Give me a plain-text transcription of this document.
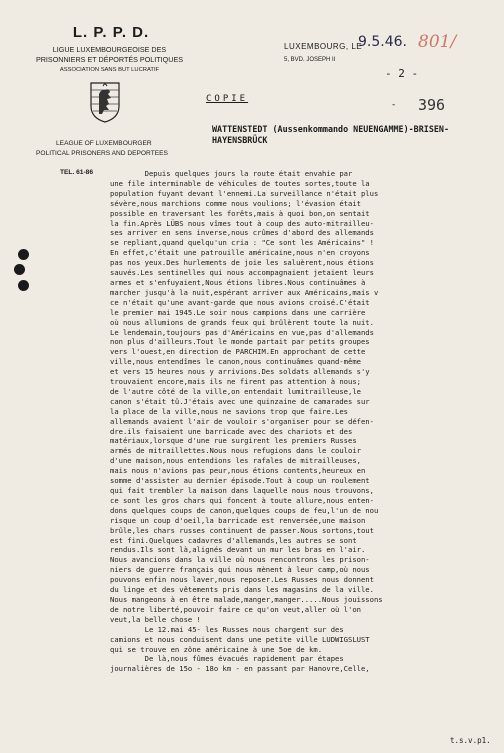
L. P. P. D.
LIGUE LUXEMBOURGEOISE DES
PRISONNIERS ET DÉPORTÉS POLITIQUES
ASSOCIATION SANS BUT LUCRATIF
LEAGUE OF LUXEMBOURGER
POLITICAL PRISONERS AND DEPORTEES
TEL. 61-86
LUXEMBOURG, LE
9.5.46. 801/
5, BVD. JOSEPH II
- 2 -
COPIE
- 396
WATTENSTEDT (Aussenkommando NEUENGAMME)-BRISEN-
HAYENSBRÜCK

Depuis quelques jours la route était envahie par

une file interminable de véhicules de toutes sortes,toute la

population fuyant devant l'ennemi.La surveillance n'était plus

sévère,nous marchions comme nous voulions; l'évasion était

possible en traversant les forêts,mais à quoi bon,on sentait

la fin.Après LÜBS nous vîmes tout à coup des auto-mitrailleu-

ses arriver en sens inverse,nous crûmes d'abord des allemands

se repliant,quand quelqu'un cria : "Ce sont les Américains" !

En effet,c'était une patrouille américaine,nous n'en croyons

pas nos yeux.Des hurlements de joie les saluèrent,nous étions

sauvés.Les sentinelles qui nous accompagnaient jetaient leurs

armes et s'enfuyaient,Nous étions libres.Nous continuâmes à

marcher jusqu'à la nuit,espérant arriver aux Américains,mais v

ce n'était qu'une avant-garde que nous avions croisé.C'était

le premier mai 1945.Le soir nous campions dans une carrière

où nous allumions de grands feux qui brûlèrent toute la nuit.

Le lendemain,toujours pas d'Américains en vue,pas d'allemands

non plus d'ailleurs.Tout le monde partait par petits groupes

vers l'ouest,en direction de PARCHIM.En approchant de cette

ville,nous entendîmes le canon,nous continuâmes quand-même

et vers 15 heures nous y arrivions.Des soldats allemands s'y

trouvaient encore,mais ils ne firent pas attention à nous;

de l'autre côté de la ville,on entendait lumitrailleuse,le

canon s'était tû.J'étais avec une quinzaine de camarades sur

la place de la ville,nous ne savions trop que faire.Les

allemands avaient l'air de vouloir s'organiser pour se défen-

dre.ils faisaient une barricade avec des chariots et des

matériaux,lorsque d'une rue surgirent les premiers Russes

armés de mitraillettes.Nous nous refugions dans le couloir

d'une maison,nous entendions les rafales de mitrailleuses,

mais nous n'avions pas peur,nous étions contents,heureux en

somme d'assister au dernier épisode.Tout à coup un roulement

qui fait trembler la maison dans laquelle nous nous trouvons,

ce sont les gros chars qui foncent à toute allure,nous enten-

dons quelques coups de canon,quelques coups de feu,l'un de nou

risque un coup d'oeil,la barricade est renversée,une maison

brûle,les chars russes continuent de passer.Nous sortons,tout

est fini.Quelques cadavres d'allemands,les autres se sont

rendus.Ils sont là,alignés devant un mur les bras en l'air.

Nous avancions dans la ville où nous rencontrons les prison-

niers de guerre français qui nous mènent à leur camp,où nous

pouvons enfin nous laver,nous reposer.Les Russes nous donnent

du linge et des vêtements pris dans les magasins de la ville.

Nous mangeons à en être malade,manger,manger.....Nous jouissons

de notre liberté,pouvoir faire ce qu'on veut,aller où l'on

veut,la belle chose !

Le 12.mai 45- les Russes nous chargent sur des

camions et nous conduisent dans une petite ville LUDWIGSLUST

qui se trouve en zône américaine à une 5oe de km.

De là,nous fûmes évacués rapidement par étapes

journalières de 15o - 18o km - en passant par Hanovre,Celle,

t.s.v.p1.
